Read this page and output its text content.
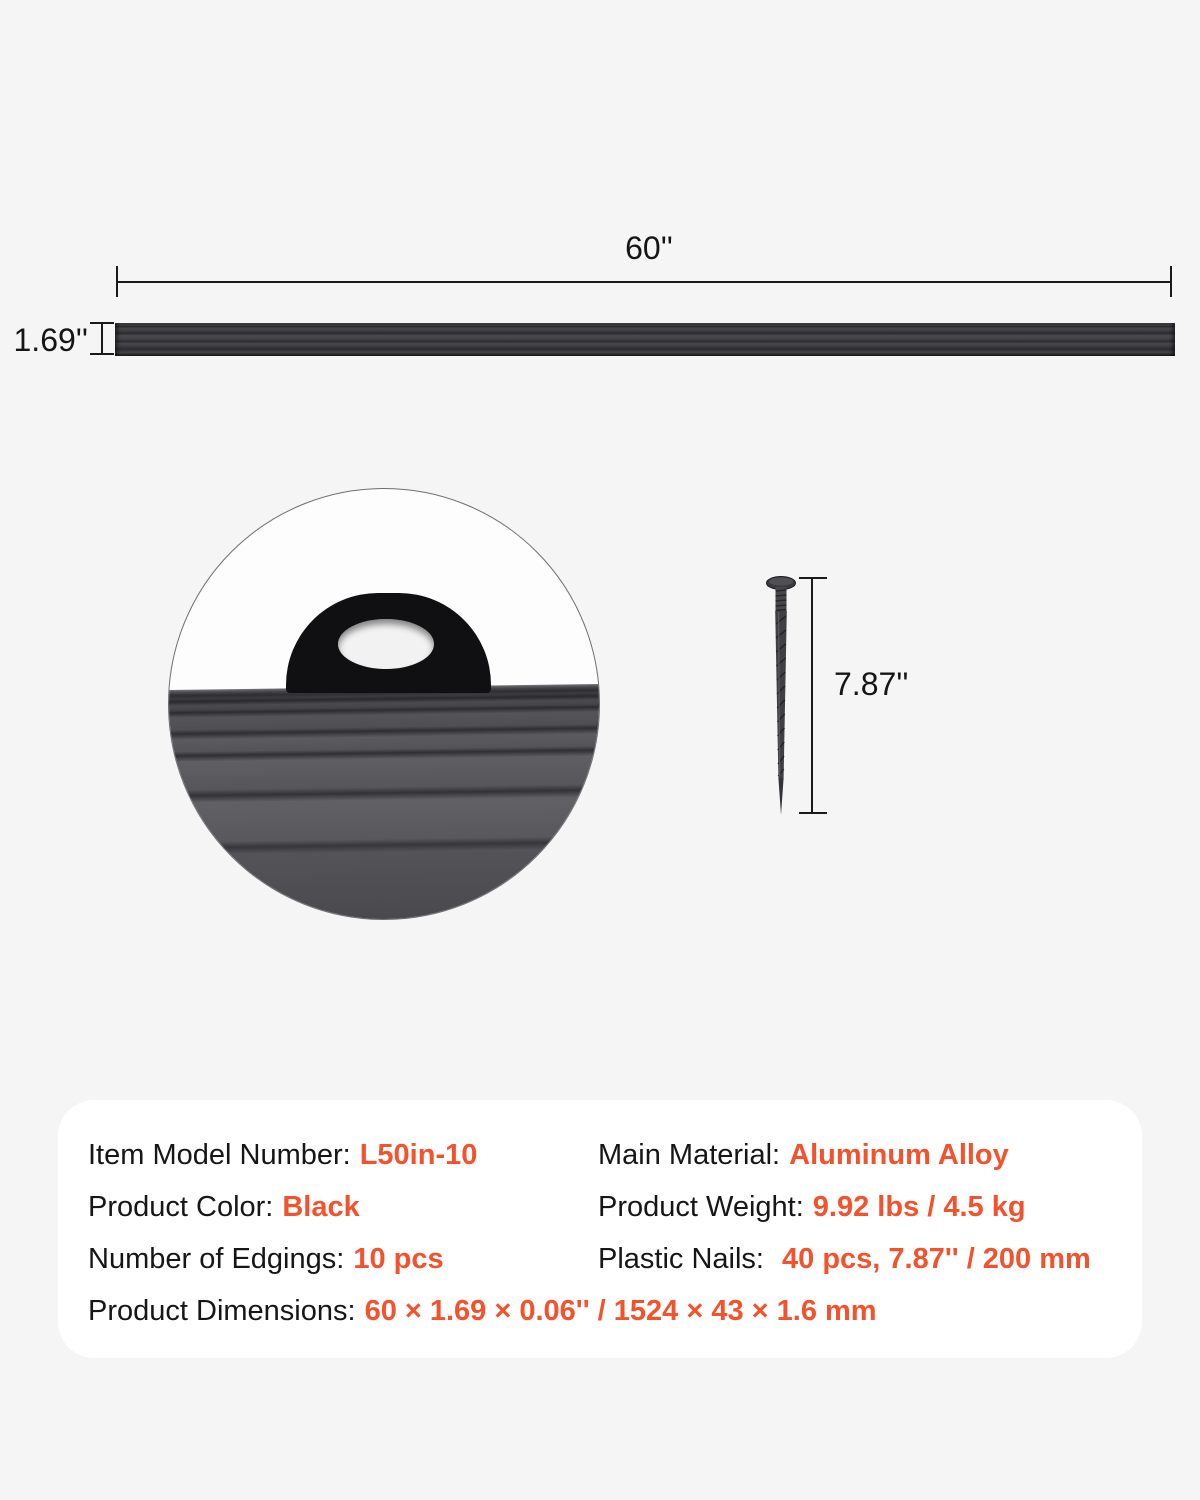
60''
1.69''
7.87''
Item Model Number: L50in-10	Main Material: Aluminum Alloy
Product Color: Black	Product Weight: 9.92 lbs / 4.5 kg
Number of Edgings: 10 pcs	Plastic Nails: 40 pcs, 7.87'' / 200 mm
Product Dimensions: 60 × 1.69 × 0.06'' / 1524 × 43 × 1.6 mm
